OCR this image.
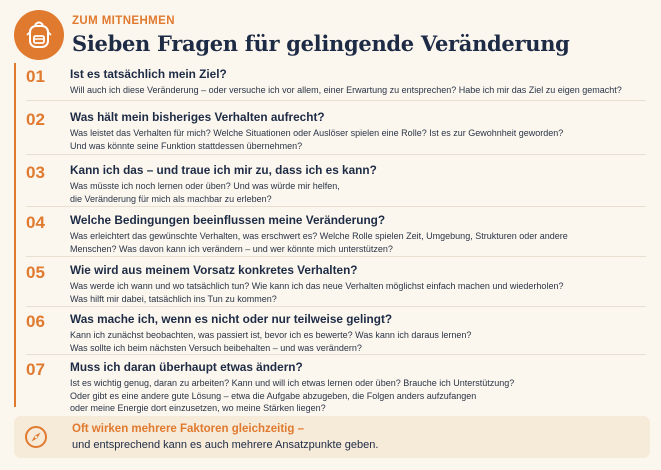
ZUM MITNEHMEN
Sieben Fragen für gelingende Veränderung
01	Ist es tatsächlich mein Ziel?
Will auch ich diese Veränderung – oder versuche ich vor allem, einer Erwartung zu entsprechen? Habe ich mir das Ziel zu eigen gemacht?
02	Was hält mein bisheriges Verhalten aufrecht?
Was leistet das Verhalten für mich? Welche Situationen oder Auslöser spielen eine Rolle? Ist es zur Gewohnheit geworden?
Und was könnte seine Funktion stattdessen übernehmen?
03	Kann ich das – und traue ich mir zu, dass ich es kann?
Was müsste ich noch lernen oder üben? Und was würde mir helfen,
die Veränderung für mich als machbar zu erleben?
04	Welche Bedingungen beeinflussen meine Veränderung?
Was erleichtert das gewünschte Verhalten, was erschwert es? Welche Rolle spielen Zeit, Umgebung, Strukturen oder andere
Menschen? Was davon kann ich verändern – und wer könnte mich unterstützen?
05	Wie wird aus meinem Vorsatz konkretes Verhalten?
Was werde ich wann und wo tatsächlich tun? Wie kann ich das neue Verhalten möglichst einfach machen und wiederholen?
Was hilft mir dabei, tatsächlich ins Tun zu kommen?
06	Was mache ich, wenn es nicht oder nur teilweise gelingt?
Kann ich zunächst beobachten, was passiert ist, bevor ich es bewerte? Was kann ich daraus lernen?
Was sollte ich beim nächsten Versuch beibehalten – und was verändern?
07	Muss ich daran überhaupt etwas ändern?
Ist es wichtig genug, daran zu arbeiten? Kann und will ich etwas lernen oder üben? Brauche ich Unterstützung?
Oder gibt es eine andere gute Lösung – etwa die Aufgabe abzugeben, die Folgen anders aufzufangen
oder meine Energie dort einzusetzen, wo meine Stärken liegen?
Oft wirken mehrere Faktoren gleichzeitig –
und entsprechend kann es auch mehrere Ansatzpunkte geben.
